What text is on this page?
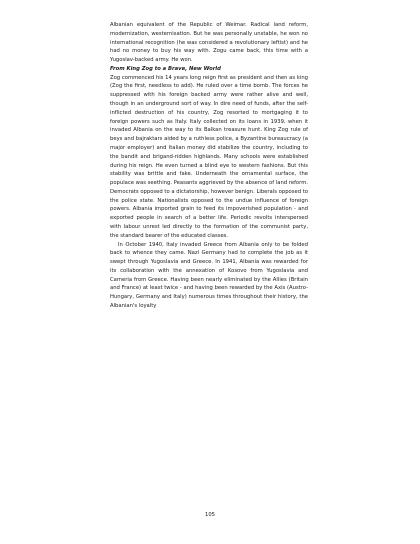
Albanian equivalent of the Republic of Weimar. Radical land reform, modernization, westernisation. But he was personally unstable, he won no international recognition (he was considered a revolutionary leftist) and he had no money to buy his way with. Zogu came back, this time with a Yugoslav-backed army. He won.

From King Zog to a Brave, New World

Zog commenced his 14 years long reign first as president and then as king (Zog the first, needless to add). He ruled over a time bomb. The forces he suppressed with his foreign backed army were rather alive and well, though in an underground sort of way. In dire need of funds, after the self-inflicted destruction of his country, Zog resorted to mortgaging it to foreign powers such as Italy. Italy collected on its loans in 1939, when it invaded Albania on the way to its Balkan treasure hunt. King Zog rule of beys and bajraktars aided by a ruthless police, a Byzantine bureaucracy (a major employer) and Italian money did stabilize the country, including to the bandit and brigand-ridden highlands. Many schools were established during his reign. He even turned a blind eye to western fashions. But this stability was brittle and fake. Underneath the ornamental surface, the populace was seething. Peasants aggrieved by the absence of land reform. Democrats opposed to a dictatorship, however benign. Liberals opposed to the police state. Nationalists opposed to the undue influence of foreign powers. Albania imported grain to feed its impoverished population - and exported people in search of a better life. Periodic revolts interspersed with labour unrest led directly to the formation of the communist party, the standard bearer of the educated classes.

In October 1940, Italy invaded Greece from Albania only to be folded back to whence they came. Nazi Germany had to complete the job as it swept through Yugoslavia and Greece. In 1941, Albania was rewarded for its collaboration with the annexation of Kosovo from Yugoslavia and Cameria from Greece. Having been nearly eliminated by the Allies (Britain and France) at least twice - and having been rewarded by the Axis (Austro-Hungary, Germany and Italy) numerous times throughout their history, the Albanian's loyalty

105
